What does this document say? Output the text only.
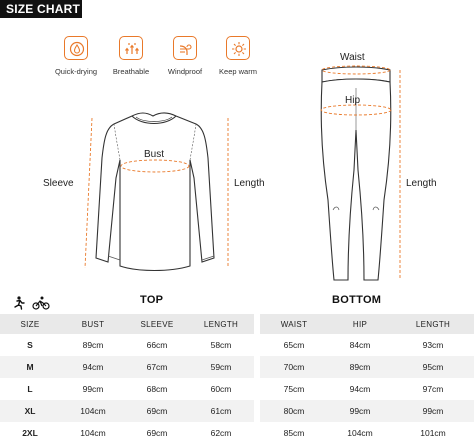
SIZE CHART
Quick-drying	Breathable	Windproof	Keep warm
Bust
Sleeve	Length
Waist
Hip
Length
TOP	BOTTOM
SIZE	BUST	SLEEVE	LENGTH		WAIST	HIP	LENGTH
S	89cm	66cm	58cm		65cm	84cm	93cm
M	94cm	67cm	59cm		70cm	89cm	95cm
L	99cm	68cm	60cm		75cm	94cm	97cm
XL	104cm	69cm	61cm		80cm	99cm	99cm
2XL	104cm	69cm	62cm		85cm	104cm	101cm
